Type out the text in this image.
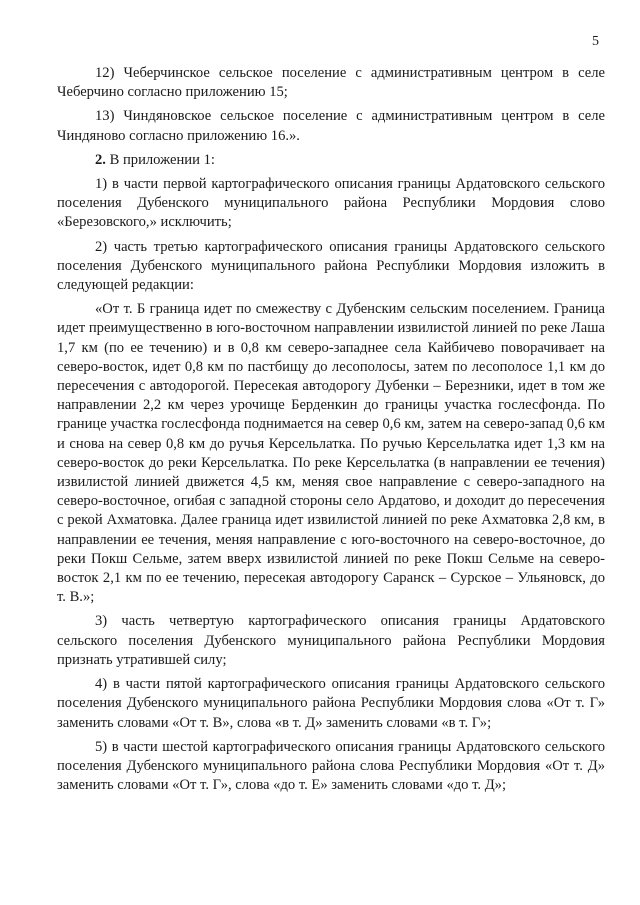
5

12) Чеберчинское сельское поселение с административным центром в селе Чеберчино согласно приложению 15;

13) Чиндяновское сельское поселение с административным центром в селе Чиндяново согласно приложению 16.».

2. В приложении 1:

1) в части первой картографического описания границы Ардатовского сельского поселения Дубенского муниципального района Республики Мордовия слово «Березовского,» исключить;

2) часть третью картографического описания границы Ардатовского сельского поселения Дубенского муниципального района Республики Мордовия изложить в следующей редакции:

«От т. Б граница идет по смежеству с Дубенским сельским поселением. Граница идет преимущественно в юго-восточном направлении извилистой линией по реке Лаша 1,7 км (по ее течению) и в 0,8 км северо-западнее села Кайбичево поворачивает на северо-восток, идет 0,8 км по пастбищу до лесополосы, затем по лесополосе 1,1 км до пересечения с автодорогой. Пересекая автодорогу Дубенки – Березники, идет в том же направлении 2,2 км через урочище Берденкин до границы участка гослесфонда. По границе участка гослесфонда поднимается на север 0,6 км, затем на северо-запад 0,6 км и снова на север 0,8 км до ручья Керсельлатка. По ручью Керсельлатка идет 1,3 км на северо-восток до реки Керсельлатка. По реке Керсельлатка (в направлении ее течения) извилистой линией движется 4,5 км, меняя свое направление с северо-западного на северо-восточное, огибая с западной стороны село Ардатово, и доходит до пересечения с рекой Ахматовка. Далее граница идет извилистой линией по реке Ахматовка 2,8 км, в направлении ее течения, меняя направление с юго-восточного на северо-восточное, до реки Покш Сельме, затем вверх извилистой линией по реке Покш Сельме на северо-восток 2,1 км по ее течению, пересекая автодорогу Саранск – Сурское – Ульяновск, до т. В.»;

3) часть четвертую картографического описания границы Ардатовского сельского поселения Дубенского муниципального района Республики Мордовия признать утратившей силу;

4) в части пятой картографического описания границы Ардатовского сельского поселения Дубенского муниципального района Республики Мордовия слова «От т. Г» заменить словами «От т. В», слова «в т. Д» заменить словами «в т. Г»;

5) в части шестой картографического описания границы Ардатовского сельского поселения Дубенского муниципального района слова Республики Мордовия «От т. Д» заменить словами «От т. Г», слова «до т. Е» заменить словами «до т. Д»;
